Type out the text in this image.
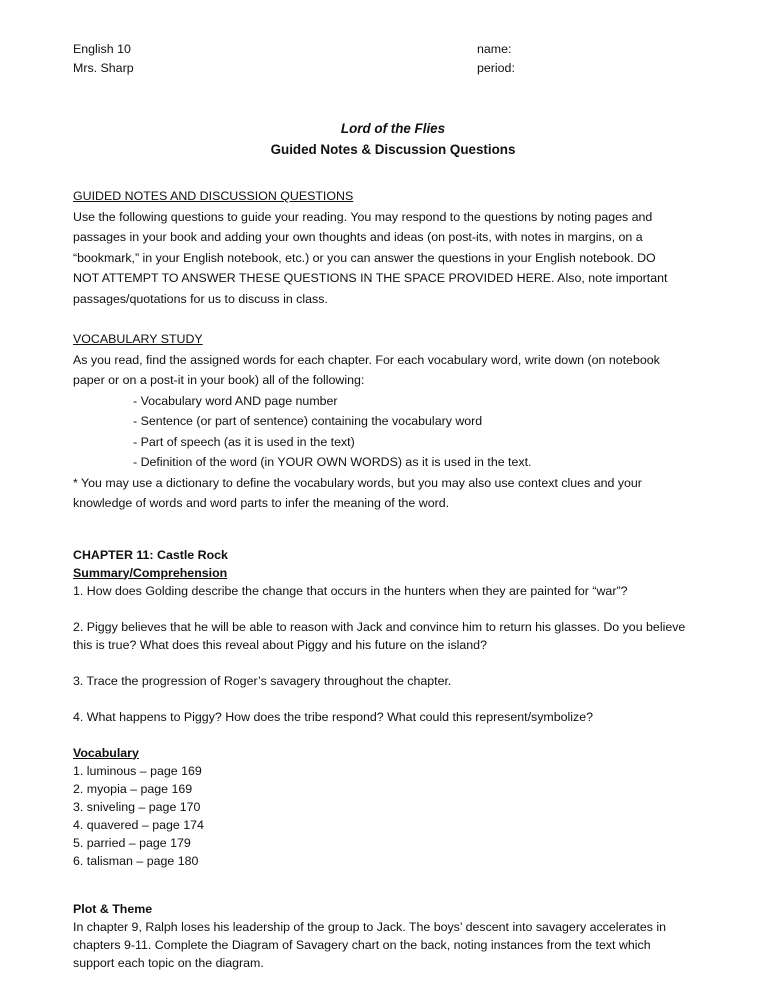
English 10
Mrs. Sharp
name:
period:
Lord of the Flies
Guided Notes & Discussion Questions
GUIDED NOTES AND DISCUSSION QUESTIONS
Use the following questions to guide your reading. You may respond to the questions by noting pages and
passages in your book and adding your own thoughts and ideas (on post-its, with notes in margins, on a
“bookmark,” in your English notebook, etc.) or you can answer the questions in your English notebook. DO
NOT ATTEMPT TO ANSWER THESE QUESTIONS IN THE SPACE PROVIDED HERE. Also, note important
passages/quotations for us to discuss in class.
VOCABULARY STUDY
As you read, find the assigned words for each chapter. For each vocabulary word, write down (on notebook
paper or on a post-it in your book) all of the following:
- Vocabulary word AND page number
- Sentence (or part of sentence) containing the vocabulary word
- Part of speech (as it is used in the text)
- Definition of the word (in YOUR OWN WORDS) as it is used in the text.
* You may use a dictionary to define the vocabulary words, but you may also use context clues and your
knowledge of words and word parts to infer the meaning of the word.
CHAPTER 11: Castle Rock
Summary/Comprehension
1. How does Golding describe the change that occurs in the hunters when they are painted for “war”?
2. Piggy believes that he will be able to reason with Jack and convince him to return his glasses. Do you believe
this is true? What does this reveal about Piggy and his future on the island?
3. Trace the progression of Roger’s savagery throughout the chapter.
4. What happens to Piggy? How does the tribe respond? What could this represent/symbolize?
Vocabulary
1. luminous – page 169
2. myopia – page 169
3. sniveling – page 170
4. quavered – page 174
5. parried – page 179
6. talisman – page 180
Plot & Theme
In chapter 9, Ralph loses his leadership of the group to Jack. The boys’ descent into savagery accelerates in
chapters 9-11. Complete the Diagram of Savagery chart on the back, noting instances from the text which
support each topic on the diagram.
